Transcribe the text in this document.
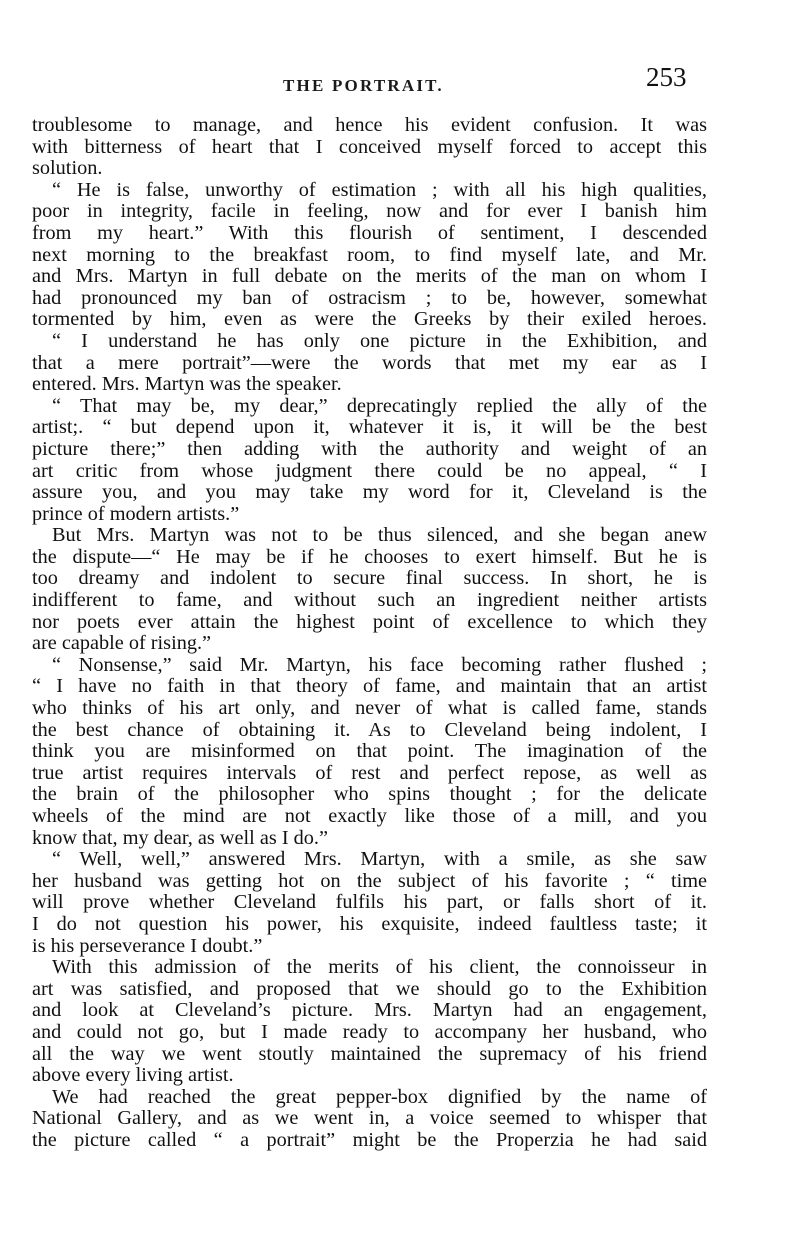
THE PORTRAIT.	253
troublesome to manage, and hence his evident confusion. It was
with bitterness of heart that I conceived myself forced to accept this
solution.
“ He is false, unworthy of estimation ; with all his high qualities,
poor in integrity, facile in feeling, now and for ever I banish him
from my heart.” With this flourish of sentiment, I descended
next morning to the breakfast room, to find myself late, and Mr.
and Mrs. Martyn in full debate on the merits of the man on whom I
had pronounced my ban of ostracism ; to be, however, somewhat
tormented by him, even as were the Greeks by their exiled heroes.
“ I understand he has only one picture in the Exhibition, and
that a mere portrait”—were the words that met my ear as I
entered. Mrs. Martyn was the speaker.
“ That may be, my dear,” deprecatingly replied the ally of the
artist;. “ but depend upon it, whatever it is, it will be the best
picture there;” then adding with the authority and weight of an
art critic from whose judgment there could be no appeal, “ I
assure you, and you may take my word for it, Cleveland is the
prince of modern artists.”
But Mrs. Martyn was not to be thus silenced, and she began anew
the dispute—“ He may be if he chooses to exert himself. But he is
too dreamy and indolent to secure final success. In short, he is
indifferent to fame, and without such an ingredient neither artists
nor poets ever attain the highest point of excellence to which they
are capable of rising.”
“ Nonsense,” said Mr. Martyn, his face becoming rather flushed ;
“ I have no faith in that theory of fame, and maintain that an artist
who thinks of his art only, and never of what is called fame, stands
the best chance of obtaining it. As to Cleveland being indolent, I
think you are misinformed on that point. The imagination of the
true artist requires intervals of rest and perfect repose, as well as
the brain of the philosopher who spins thought ; for the delicate
wheels of the mind are not exactly like those of a mill, and you
know that, my dear, as well as I do.”
“ Well, well,” answered Mrs. Martyn, with a smile, as she saw
her husband was getting hot on the subject of his favorite ; “ time
will prove whether Cleveland fulfils his part, or falls short of it.
I do not question his power, his exquisite, indeed faultless taste; it
is his perseverance I doubt.”
With this admission of the merits of his client, the connoisseur in
art was satisfied, and proposed that we should go to the Exhibition
and look at Cleveland’s picture. Mrs. Martyn had an engagement,
and could not go, but I made ready to accompany her husband, who
all the way we went stoutly maintained the supremacy of his friend
above every living artist.
We had reached the great pepper-box dignified by the name of
National Gallery, and as we went in, a voice seemed to whisper that
the picture called “ a portrait” might be the Properzia he had said
